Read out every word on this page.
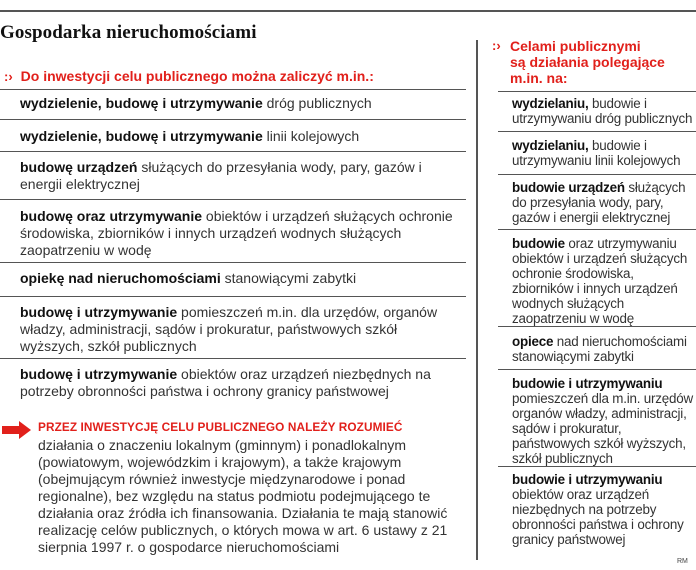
Gospodarka nieruchomościami
:› Do inwestycji celu publicznego można zaliczyć m.in.:
wydzielenie, budowę i utrzymywanie dróg publicznych
wydzielenie, budowę i utrzymywanie linii kolejowych
budowę urządzeń służących do przesyłania wody, pary, gazów i energii elektrycznej
budowę oraz utrzymywanie obiektów i urządzeń służących ochronie środowiska, zbiorników i innych urządzeń wodnych służących zaopatrzeniu w wodę
opiekę nad nieruchomościami stanowiącymi zabytki
budowę i utrzymywanie pomieszczeń m.in. dla urzędów, organów władzy, administracji, sądów i prokuratur, państwowych szkół wyższych, szkół publicznych
budowę i utrzymywanie obiektów oraz urządzeń niezbędnych na potrzeby obronności państwa i ochrony granicy państwowej
PRZEZ INWESTYCJĘ CELU PUBLICZNEGO NALEŻY ROZUMIEĆ
działania o znaczeniu lokalnym (gminnym) i ponadlokalnym (powiatowym, wojewódzkim i krajowym), a także krajowym (obejmującym również inwestycje międzynarodowe i ponad regionalne), bez względu na status podmiotu podejmującego te działania oraz źródła ich finansowania. Działania te mają stanowić realizację celów publicznych, o których mowa w art. 6 ustawy z 21 sierpnia 1997 r. o gospodarce nieruchomościami
:› Celami publicznymi
są działania polegające
m.in. na:
wydzielaniu, budowie i utrzymywaniu dróg publicznych
wydzielaniu, budowie i utrzymywaniu linii kolejowych
budowie urządzeń służących do przesyłania wody, pary, gazów i energii elektrycznej
budowie oraz utrzymywaniu obiektów i urządzeń służących ochronie środowiska, zbiorników i innych urządzeń wodnych służących zaopatrzeniu w wodę
opiece nad nieruchomościami stanowiącymi zabytki
budowie i utrzymywaniu pomieszczeń dla m.in. urzędów organów władzy, administracji, sądów i prokuratur, państwowych szkół wyższych, szkół publicznych
budowie i utrzymywaniu obiektów oraz urządzeń niezbędnych na potrzeby obronności państwa i ochrony granicy państwowej
RM
